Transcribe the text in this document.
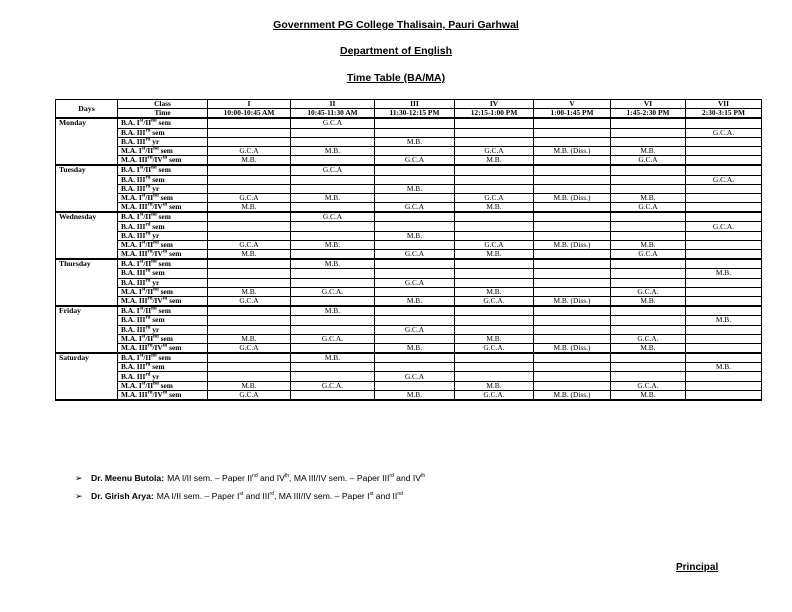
Government PG College Thalisain, Pauri Garhwal
Department of English
Time Table (BA/MA)
Days	Class	I	II	III	IV	V	VI	VII
	Time	10:00-10:45 AM	10:45-11:30 AM	11:30-12:15 PM	12:15-1:00 PM	1:00-1:45 PM	1:45-2:30 PM	2:30-3:15 PM
Monday	B.A. Ist/IInd sem		G.C.A					
	B.A. IIIrd sem							G.C.A.
	B.A. IIIrd yr			M.B.				
	M.A. Ist/IInd sem	G.C.A	M.B.		G.C.A	M.B. (Diss.)	M.B.	
	M.A. IIIrd/IVth sem	M.B.		G.C.A	M.B.		G.C.A	
Tuesday	B.A. Ist/IInd sem		G.C.A					
	B.A. IIIrd sem							G.C.A.
	B.A. IIIrd yr			M.B.				
	M.A. Ist/IInd sem	G.C.A	M.B.		G.C.A	M.B. (Diss.)	M.B.	
	M.A. IIIrd/IVth sem	M.B.		G.C.A	M.B.		G.C.A	
Wednesday	B.A. Ist/IInd sem		G.C.A					
	B.A. IIIrd sem							G.C.A.
	B.A. IIIrd yr			M.B.				
	M.A. Ist/IInd sem	G.C.A	M.B.		G.C.A	M.B. (Diss.)	M.B.	
	M.A. IIIrd/IVth sem	M.B.		G.C.A	M.B.		G.C.A	
Thursday	B.A. Ist/IInd sem		M.B.					
	B.A. IIIrd sem							M.B.
	B.A. IIIrd yr			G.C.A				
	M.A. Ist/IInd sem	M.B.	G.C.A.		M.B.		G.C.A.	
	M.A. IIIrd/IVth sem	G.C.A		M.B.	G.C.A.	M.B. (Diss.)	M.B.	
Friday	B.A. Ist/IInd sem		M.B.					
	B.A. IIIrd sem							M.B.
	B.A. IIIrd yr			G.C.A				
	M.A. Ist/IInd sem	M.B.	G.C.A.		M.B.		G.C.A.	
	M.A. IIIrd/IVth sem	G.C.A		M.B.	G.C.A.	M.B. (Diss.)	M.B.	
Saturday	B.A. Ist/IInd sem		M.B.					
	B.A. IIIrd sem							M.B.
	B.A. IIIrd yr			G.C.A				
	M.A. Ist/IInd sem	M.B.	G.C.A.		M.B.		G.C.A.	
	M.A. IIIrd/IVth sem	G.C.A		M.B.	G.C.A.	M.B. (Diss.)	M.B.	
➢ Dr. Meenu Butola: MA I/II sem. – Paper IInd and IVth, MA III/IV sem. – Paper IIIrd and IVth
➢ Dr. Girish Arya: MA I/II sem. – Paper Ist and IIIrd, MA III/IV sem. – Paper Ist and IInd
Principal
